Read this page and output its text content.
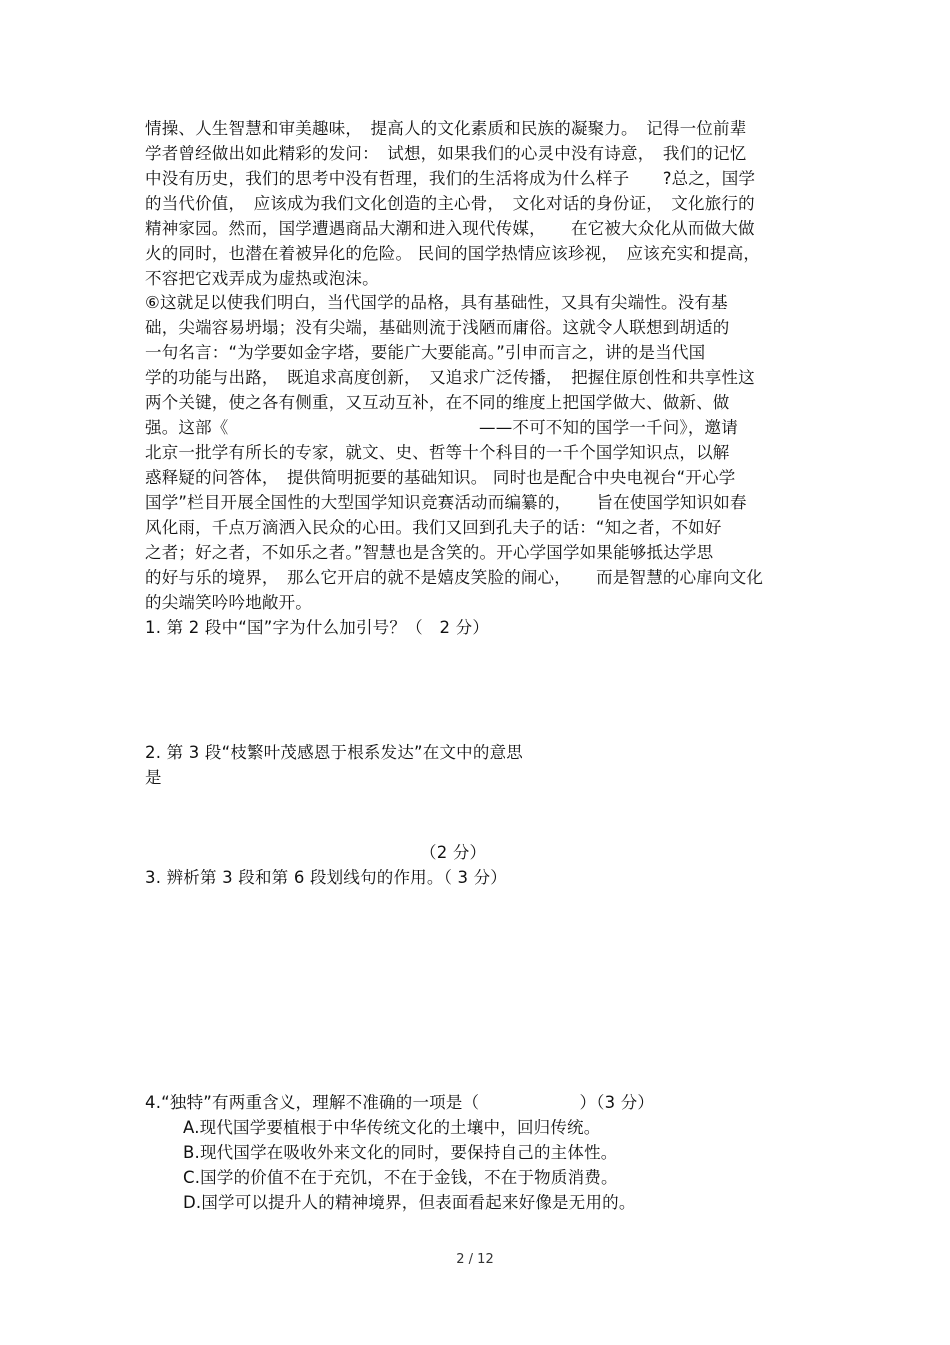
情操、人生智慧和审美趣味，　提高人的文化素质和民族的凝聚力。　记得一位前辈
学者曾经做出如此精彩的发问：　试想，如果我们的心灵中没有诗意，　我们的记忆
中没有历史，我们的思考中没有哲理，我们的生活将成为什么样子　　?总之，国学
的当代价值，　应该成为我们文化创造的主心骨，　文化对话的身份证，　文化旅行的
精神家园。然而，国学遭遇商品大潮和进入现代传媒，　　在它被大众化从而做大做
火的同时，也潜在着被异化的危险。 民间的国学热情应该珍视，　应该充实和提高，
不容把它戏弄成为虚热或泡沫。
⑥这就足以使我们明白，当代国学的品格，具有基础性，又具有尖端性。没有基
础，尖端容易坍塌；没有尖端，基础则流于浅陋而庸俗。这就令人联想到胡适的
一句名言：“为学要如金字塔，要能广大要能高。”引申而言之，讲的是当代国
学的功能与出路，　既追求高度创新，　又追求广泛传播，　把握住原创性和共享性这
两个关键，使之各有侧重，又互动互补，在不同的维度上把国学做大、做新、做
强。这部《　　　　　　　　　　　　　　　——不可不知的国学一千问》，邀请
北京一批学有所长的专家，就文、史、哲等十个科目的一千个国学知识点，以解
惑释疑的问答体，　提供简明扼要的基础知识。 同时也是配合中央电视台“开心学
国学”栏目开展全国性的大型国学知识竞赛活动而编纂的，　　旨在使国学知识如春
风化雨，千点万滴洒入民众的心田。我们又回到孔夫子的话：“知之者，不如好
之者；好之者，不如乐之者。”智慧也是含笑的。开心学国学如果能够抵达学思
的好与乐的境界，　那么它开启的就不是嬉皮笑脸的闹心，　　而是智慧的心扉向文化
的尖端笑吟吟地敞开。
1. 第 2 段中“国”字为什么加引号？（　2 分）
2. 第 3 段“枝繁叶茂感恩于根系发达”在文中的意思
是
（2 分）
3. 辨析第 3 段和第 6 段划线句的作用。（ 3 分）
4.“独特”有两重含义，理解不准确的一项是（　　　　　　）（3 分）
A.现代国学要植根于中华传统文化的土壤中，回归传统。
B.现代国学在吸收外来文化的同时，要保持自己的主体性。
C.国学的价值不在于充饥，不在于金钱，不在于物质消费。
D.国学可以提升人的精神境界，但表面看起来好像是无用的。
2 / 12
